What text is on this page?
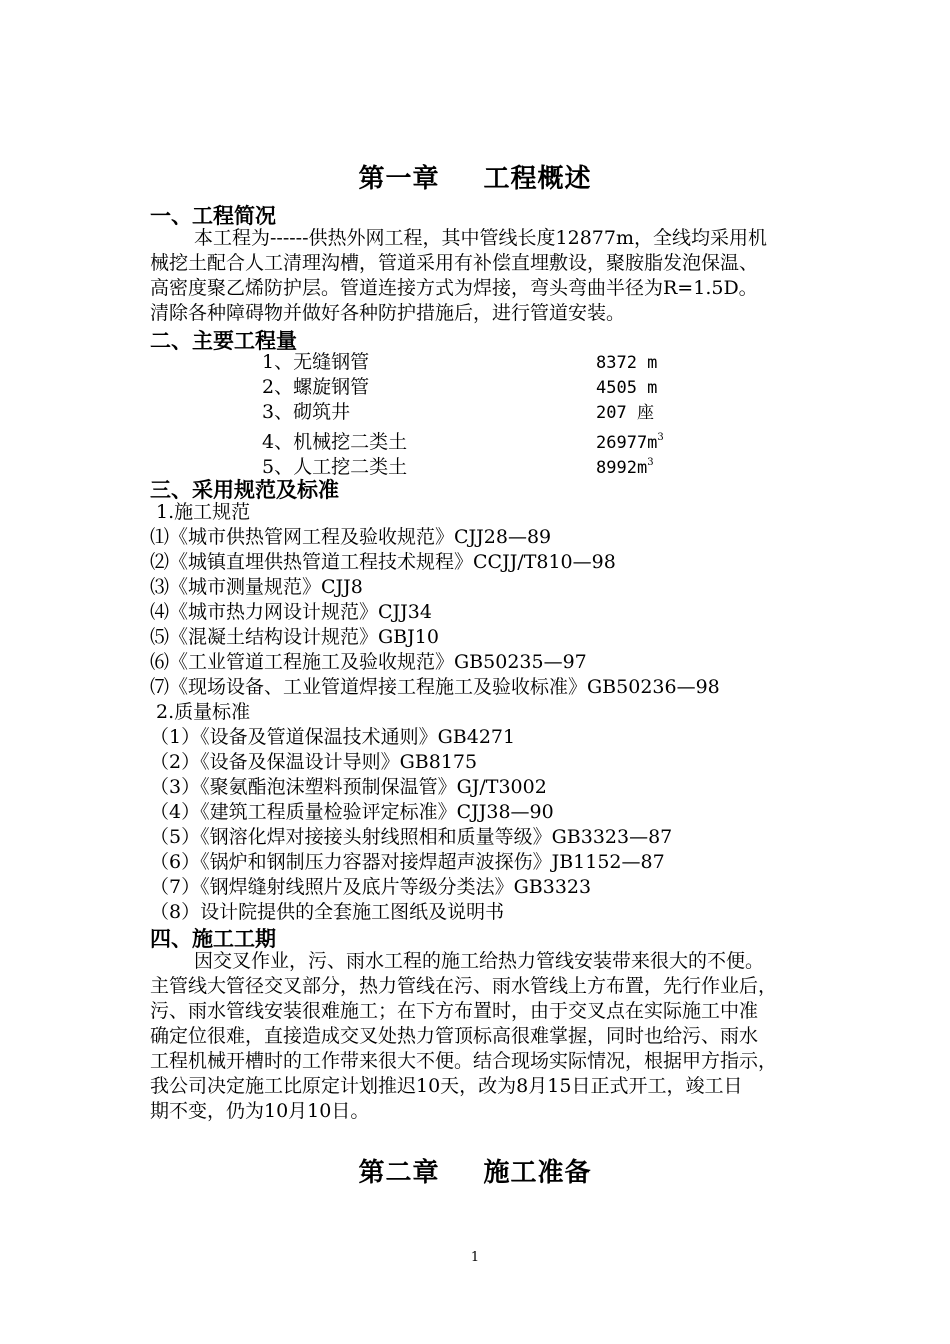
第一章 工程概述
一、工程简况
本工程为------供热外网工程，其中管线长度12877m，全线均采用机
械挖土配合人工清理沟槽，管道采用有补偿直埋敷设，聚胺脂发泡保温、
高密度聚乙烯防护层。管道连接方式为焊接，弯头弯曲半径为R=1.5D。
清除各种障碍物并做好各种防护措施后，进行管道安装。
二、主要工程量
1、无缝钢管	8372 m
2、螺旋钢管	4505 m
3、砌筑井	207 座
4、机械挖二类土	$26977m^3$
5、人工挖二类土	$8992m^3$
三、采用规范及标准
1.施工规范
⑴《城市供热管网工程及验收规范》CJJ28—89
⑵《城镇直埋供热管道工程技术规程》CCJJ/T810—98
⑶《城市测量规范》CJJ8
⑷《城市热力网设计规范》CJJ34
⑸《混凝土结构设计规范》GBJ10
⑹《工业管道工程施工及验收规范》GB50235—97
⑺《现场设备、工业管道焊接工程施工及验收标准》GB50236—98
2.质量标准
（1）《设备及管道保温技术通则》GB4271
（2）《设备及保温设计导则》GB8175
（3）《聚氨酯泡沫塑料预制保温管》GJ/T3002
（4）《建筑工程质量检验评定标准》CJJ38—90
（5）《钢溶化焊对接接头射线照相和质量等级》GB3323—87
（6）《锅炉和钢制压力容器对接焊超声波探伤》JB1152—87
（7）《钢焊缝射线照片及底片等级分类法》GB3323
（8）设计院提供的全套施工图纸及说明书
四、施工工期
因交叉作业，污、雨水工程的施工给热力管线安装带来很大的不便。
主管线大管径交叉部分，热力管线在污、雨水管线上方布置，先行作业后，
污、雨水管线安装很难施工；在下方布置时，由于交叉点在实际施工中准
确定位很难，直接造成交叉处热力管顶标高很难掌握，同时也给污、雨水
工程机械开槽时的工作带来很大不便。结合现场实际情况，根据甲方指示，
我公司决定施工比原定计划推迟10天，改为8月15日正式开工，竣工日
期不变，仍为10月10日。
第二章 施工准备
1
